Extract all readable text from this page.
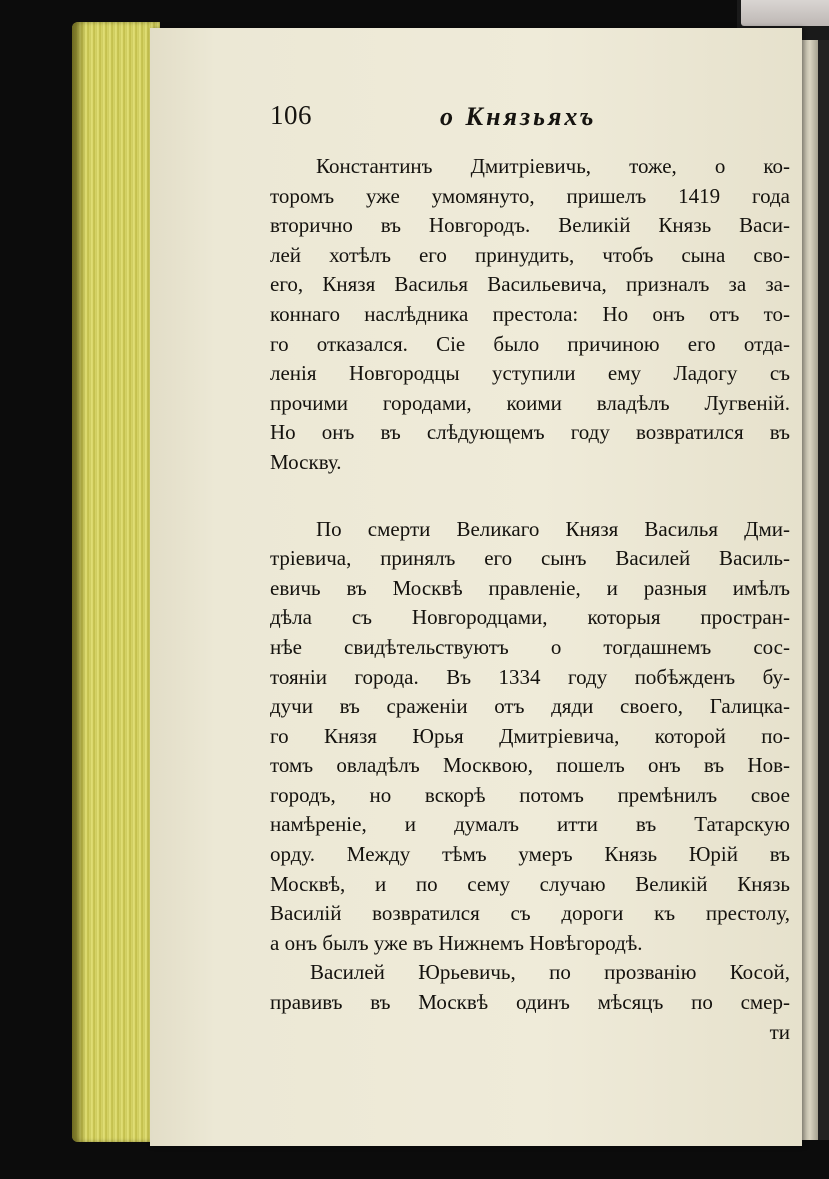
106	о Князьяхъ
Константинъ Дмитріевичь, тоже, о ко-
торомъ уже умомянуто, пришелъ 1419 года
вторично въ Новгородъ. Великій Князь Васи-
лей хотѣлъ его принудить, чтобъ сына сво-
его, Князя Василья Васильевича, призналъ за за-
коннаго наслѣдника престола: Но онъ отъ то-
го отказался. Сіе было причиною его отда-
ленія Новгородцы уступили ему Ладогу съ
прочими городами, коими владѣлъ Лугвеній.
Но онъ въ слѣдующемъ году возвратился въ
Москву.
По смерти Великаго Князя Василья Дми-
тріевича, принялъ его сынъ Василей Василь-
евичь въ Москвѣ правленіе, и разныя имѣлъ
дѣла съ Новгородцами, которыя простран-
нѣе свидѣтельствуютъ о тогдашнемъ сос-
тояніи города. Въ 1334 году побѣжденъ бу-
дучи въ сраженіи отъ дяди своего, Галицка-
го Князя Юрья Дмитріевича, которой по-
томъ овладѣлъ Москвою, пошелъ онъ въ Нов-
городъ, но вскорѣ потомъ премѣнилъ свое
намѣреніе, и думалъ итти въ Татарскую
орду. Между тѣмъ умеръ Князь Юрій въ
Москвѣ, и по сему случаю Великій Князь
Василій возвратился съ дороги къ престолу,
а онъ былъ уже въ Нижнемъ Новѣгородѣ.
Василей Юрьевичь, по прозванію Косой,
правивъ въ Москвѣ одинъ мѣсяцъ по смер-
ти
